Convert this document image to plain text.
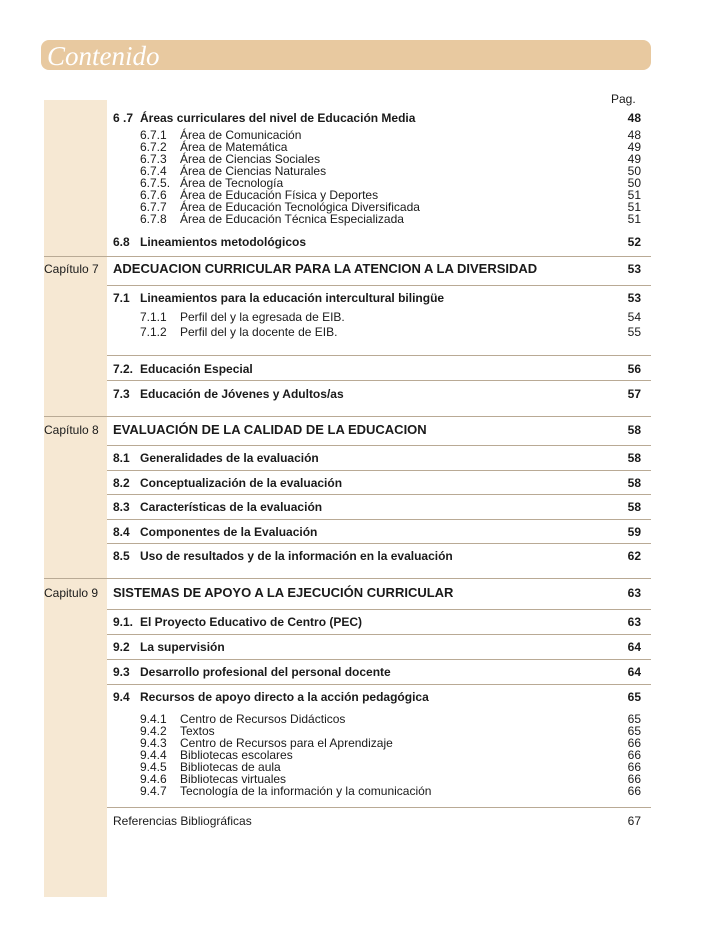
Contenido
Pag.
6 .7 Áreas curriculares del nivel de Educación Media	48
6.7.1 Área de Comunicación	48
6.7.2 Área de Matemática	49
6.7.3 Área de Ciencias Sociales	49
6.7.4 Área de Ciencias Naturales	50
6.7.5. Área de Tecnología	50
6.7.6 Área de Educación Física y Deportes	51
6.7.7 Área de Educación Tecnológica Diversificada	51
6.7.8 Área de Educación Técnica Especializada	51
6.8 Lineamientos metodológicos	52
Capítulo 7 ADECUACION CURRICULAR PARA LA ATENCION A LA DIVERSIDAD	53
7.1 Lineamientos para la educación intercultural bilingüe	53
7.1.1 Perfil del y la egresada de EIB.	54
7.1.2 Perfil del y la docente de EIB.	55
7.2. Educación Especial	56
7.3 Educación de Jóvenes y Adultos/as	57
Capítulo 8 EVALUACIÓN DE LA CALIDAD DE LA EDUCACION	58
8.1 Generalidades de la evaluación	58
8.2 Conceptualización de la evaluación	58
8.3 Características de la evaluación	58
8.4 Componentes de la Evaluación	59
8.5 Uso de resultados y de la información en la evaluación	62
Capitulo 9 SISTEMAS DE APOYO A LA EJECUCIÓN CURRICULAR	63
9.1. El Proyecto Educativo de Centro (PEC)	63
9.2 La supervisión	64
9.3 Desarrollo profesional del personal docente	64
9.4 Recursos de apoyo directo a la acción pedagógica	65
9.4.1 Centro de Recursos Didácticos	65
9.4.2 Textos	65
9.4.3 Centro de Recursos para el Aprendizaje	66
9.4.4 Bibliotecas escolares	66
9.4.5 Bibliotecas de aula	66
9.4.6 Bibliotecas virtuales	66
9.4.7 Tecnología de la información y la comunicación	66
Referencias Bibliográficas	67
